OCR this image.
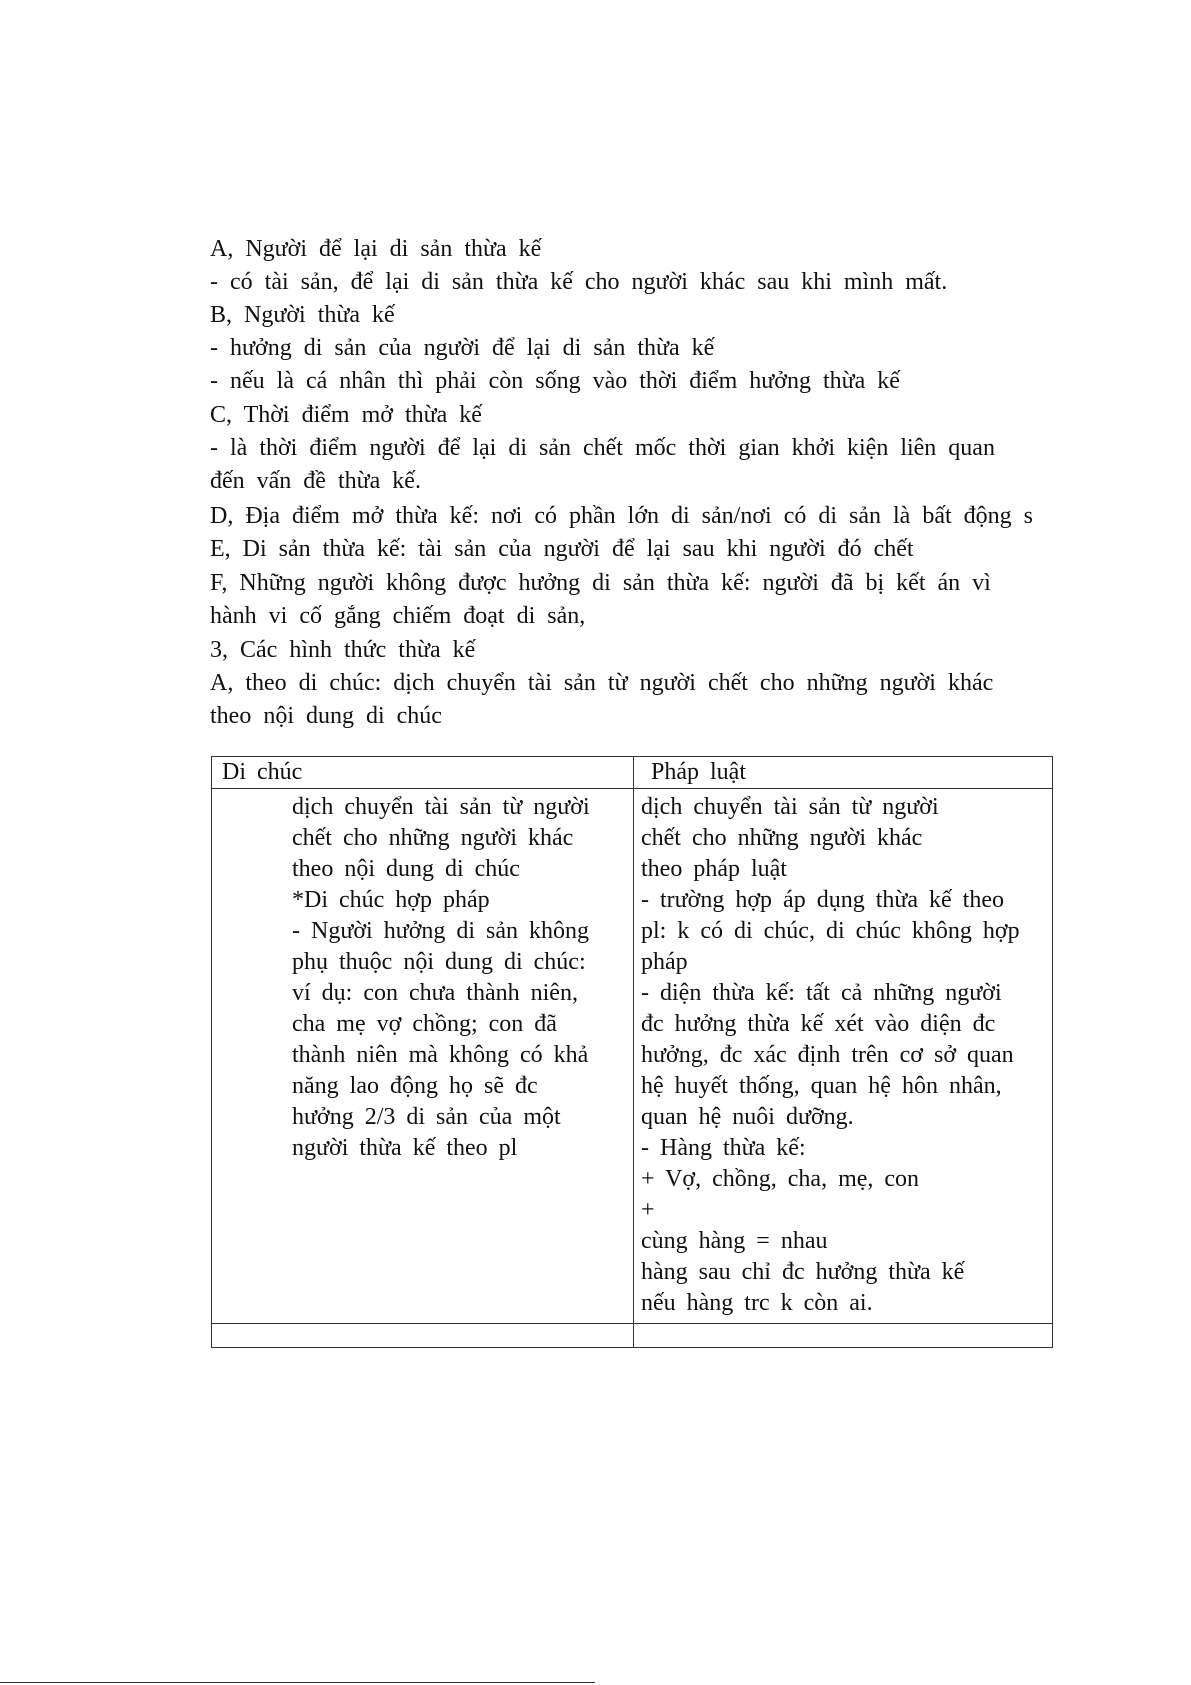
A, Người để lại di sản thừa kế
- có tài sản, để lại di sản thừa kế cho người khác sau khi mình mất.
B, Người thừa kế
- hưởng di sản của người để lại di sản thừa kế
- nếu là cá nhân thì phải còn sống vào thời điểm hưởng thừa kế
C, Thời điểm mở thừa kế
- là thời điểm người để lại di sản chết mốc thời gian khởi kiện liên quan
đến vấn đề thừa kế.
D, Địa điểm mở thừa kế: nơi có phần lớn di sản/nơi có di sản là bất động s
E, Di sản thừa kế: tài sản của người để lại sau khi người đó chết
F, Những người không được hưởng di sản thừa kế: người đã bị kết án vì
hành vi cố gắng chiếm đoạt di sản,
3, Các hình thức thừa kế
A, theo di chúc: dịch chuyển tài sản từ người chết cho những người khác
theo nội dung di chúc
Di chúc	Pháp luật
dịch chuyển tài sản từ người
chết cho những người khác
theo nội dung di chúc
*Di chúc hợp pháp
- Người hưởng di sản không
phụ thuộc nội dung di chúc:
ví dụ: con chưa thành niên,
cha mẹ vợ chồng; con đã
thành niên mà không có khả
năng lao động họ sẽ đc
hưởng 2/3 di sản của một
người thừa kế theo pl
dịch chuyển tài sản từ người
chết cho những người khác
theo pháp luật
- trường hợp áp dụng thừa kế theo
pl: k có di chúc, di chúc không hợp
pháp
- diện thừa kế: tất cả những người
đc hưởng thừa kế xét vào diện đc
hưởng, đc xác định trên cơ sở quan
hệ huyết thống, quan hệ hôn nhân,
quan hệ nuôi dưỡng.
- Hàng thừa kế:
+ Vợ, chồng, cha, mẹ, con
+
cùng hàng = nhau
hàng sau chỉ đc hưởng thừa kế
nếu hàng trc k còn ai.
